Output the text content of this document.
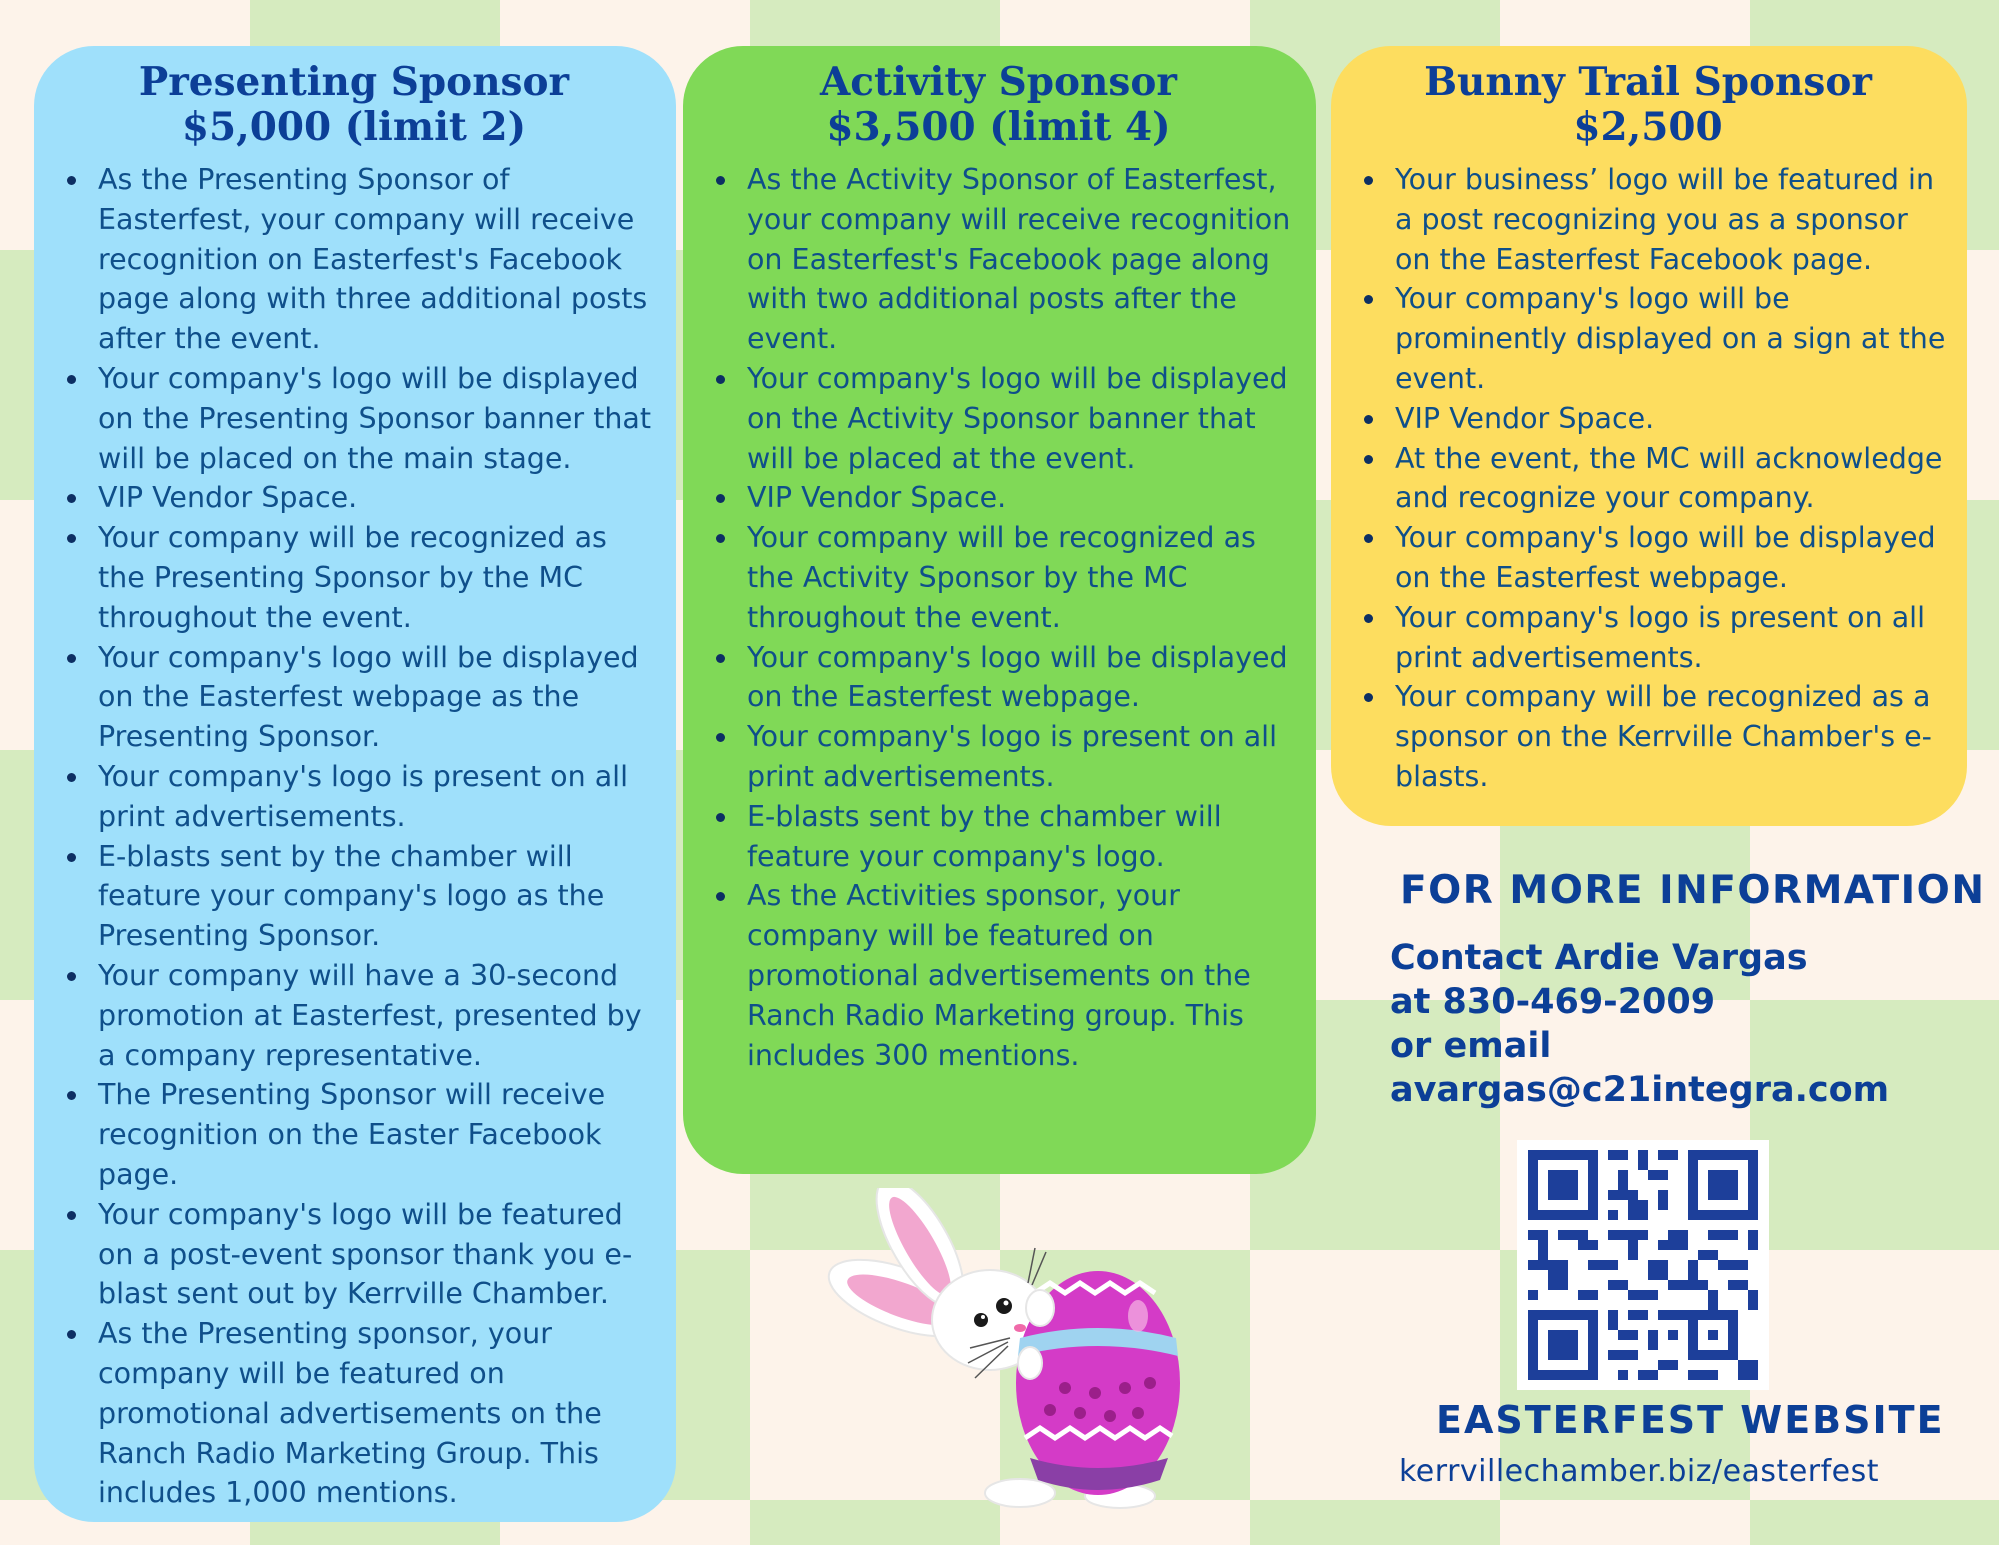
Presenting Sponsor
$5,000 (limit 2)
As the Presenting Sponsor of Easterfest, your company will receive recognition on Easterfest's Facebook page along with three additional posts after the event.
Your company's logo will be displayed on the Presenting Sponsor banner that will be placed on the main stage.
VIP Vendor Space.
Your company will be recognized as the Presenting Sponsor by the MC throughout the event.
Your company's logo will be displayed on the Easterfest webpage as the Presenting Sponsor.
Your company's logo is present on all print advertisements.
E-blasts sent by the chamber will feature your company's logo as the Presenting Sponsor.
Your company will have a 30-second promotion at Easterfest, presented by a company representative.
The Presenting Sponsor will receive recognition on the Easter Facebook page.
Your company's logo will be featured on a post-event sponsor thank you e-blast sent out by Kerrville Chamber.
As the Presenting sponsor, your company will be featured on promotional advertisements on the Ranch Radio Marketing Group. This includes 1,000 mentions.
Activity Sponsor
$3,500 (limit 4)
As the Activity Sponsor of Easterfest, your company will receive recognition on Easterfest's Facebook page along with two additional posts after the event.
Your company's logo will be displayed on the Activity Sponsor banner that will be placed at the event.
VIP Vendor Space.
Your company will be recognized as the Activity Sponsor by the MC throughout the event.
Your company's logo will be displayed on the Easterfest webpage.
Your company's logo is present on all print advertisements.
E-blasts sent by the chamber will feature your company's logo.
As the Activities sponsor, your company will be featured on promotional advertisements on the Ranch Radio Marketing group. This includes 300 mentions.
Bunny Trail Sponsor
$2,500
Your business’ logo will be featured in a post recognizing you as a sponsor on the Easterfest Facebook page.
Your company's logo will be prominently displayed on a sign at the event.
VIP Vendor Space.
At the event, the MC will acknowledge and recognize your company.
Your company's logo will be displayed on the Easterfest webpage.
Your company's logo is present on all print advertisements.
Your company will be recognized as a sponsor on the Kerrville Chamber's e-blasts.
FOR MORE INFORMATION
Contact Ardie Vargas
at 830-469-2009
or email
avargas@c21integra.com
EASTERFEST WEBSITE
kerrvillechamber.biz/easterfest
